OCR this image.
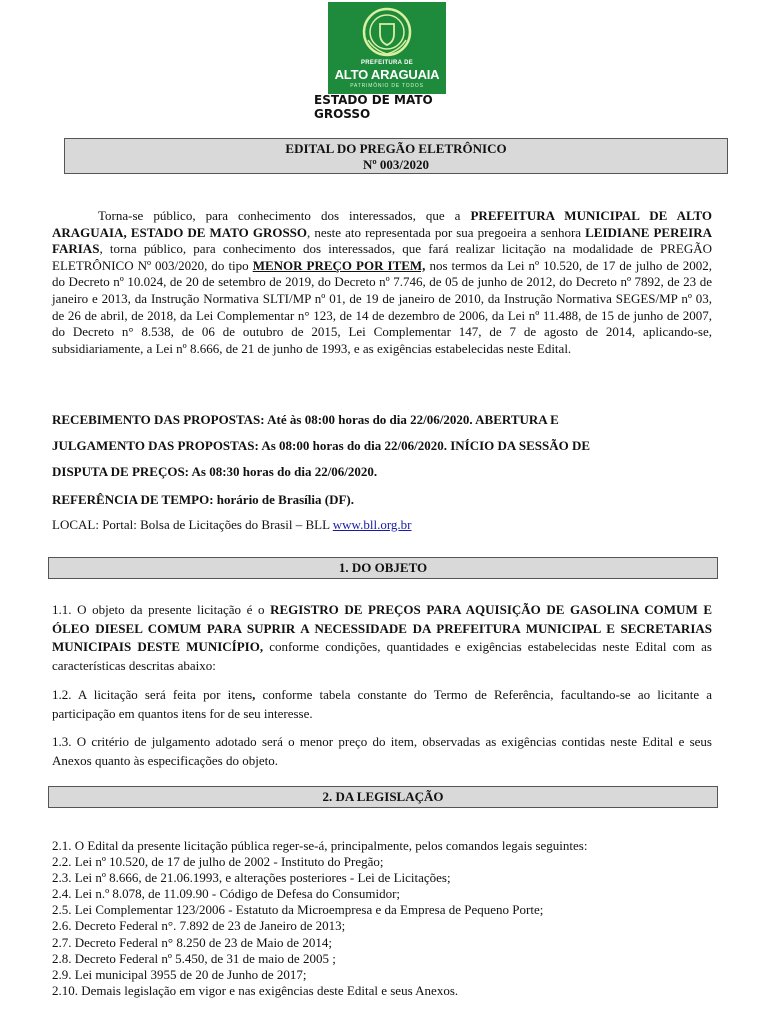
PREFEITURA DE
ALTO ARAGUAIA
PATRIMÔNIO DE TODOS
ESTADO DE MATO GROSSO
EDITAL DO PREGÃO ELETRÔNICO
Nº 003/2020

Torna-se público, para conhecimento dos interessados, que a PREFEITURA MUNICIPAL DE ALTO ARAGUAIA, ESTADO DE MATO GROSSO, neste ato representada por sua pregoeira a senhora LEIDIANE PEREIRA FARIAS, torna público, para conhecimento dos interessados, que fará realizar licitação na modalidade de PREGÃO ELETRÔNICO Nº 003/2020, do tipo MENOR PREÇO POR ITEM, nos termos da Lei nº 10.520, de 17 de julho de 2002, do Decreto nº 10.024, de 20 de setembro de 2019, do Decreto nº 7.746, de 05 de junho de 2012, do Decreto nº 7892, de 23 de janeiro e 2013, da Instrução Normativa SLTI/MP nº 01, de 19 de janeiro de 2010, da Instrução Normativa SEGES/MP nº 03, de 26 de abril, de 2018, da Lei Complementar n° 123, de 14 de dezembro de 2006, da Lei nº 11.488, de 15 de junho de 2007, do Decreto n° 8.538, de 06 de outubro de 2015, Lei Complementar 147, de 7 de agosto de 2014, aplicando-se, subsidiariamente, a Lei nº 8.666, de 21 de junho de 1993, e as exigências estabelecidas neste Edital.

RECEBIMENTO DAS PROPOSTAS: Até às 08:00 horas do dia 22/06/2020. ABERTURA E

JULGAMENTO DAS PROPOSTAS: As 08:00 horas do dia 22/06/2020. INÍCIO DA SESSÃO DE

DISPUTA DE PREÇOS: As 08:30 horas do dia 22/06/2020.

REFERÊNCIA DE TEMPO: horário de Brasília (DF).

LOCAL: Portal: Bolsa de Licitações do Brasil – BLL www.bll.org.br

1. DO OBJETO

1.1. O objeto da presente licitação é o REGISTRO DE PREÇOS PARA AQUISIÇÃO DE GASOLINA COMUM E ÓLEO DIESEL COMUM PARA SUPRIR A NECESSIDADE DA PREFEITURA MUNICIPAL E SECRETARIAS MUNICIPAIS DESTE MUNICÍPIO, conforme condições, quantidades e exigências estabelecidas neste Edital com as características descritas abaixo:

1.2. A licitação será feita por itens, conforme tabela constante do Termo de Referência, facultando-se ao licitante a participação em quantos itens for de seu interesse.

1.3. O critério de julgamento adotado será o menor preço do item, observadas as exigências contidas neste Edital e seus Anexos quanto às especificações do objeto.

2. DA LEGISLAÇÃO
2.1. O Edital da presente licitação pública reger-se-á, principalmente, pelos comandos legais seguintes:
2.2. Lei nº 10.520, de 17 de julho de 2002 - Instituto do Pregão;
2.3. Lei nº 8.666, de 21.06.1993, e alterações posteriores - Lei de Licitações;
2.4. Lei n.º 8.078, de 11.09.90 - Código de Defesa do Consumidor;
2.5. Lei Complementar 123/2006 - Estatuto da Microempresa e da Empresa de Pequeno Porte;
2.6. Decreto Federal n°. 7.892 de 23 de Janeiro de 2013;
2.7. Decreto Federal n° 8.250 de 23 de Maio de 2014;
2.8. Decreto Federal nº 5.450, de 31 de maio de 2005 ;
2.9. Lei municipal 3955 de 20 de Junho de 2017;
2.10. Demais legislação em vigor e nas exigências deste Edital e seus Anexos.
